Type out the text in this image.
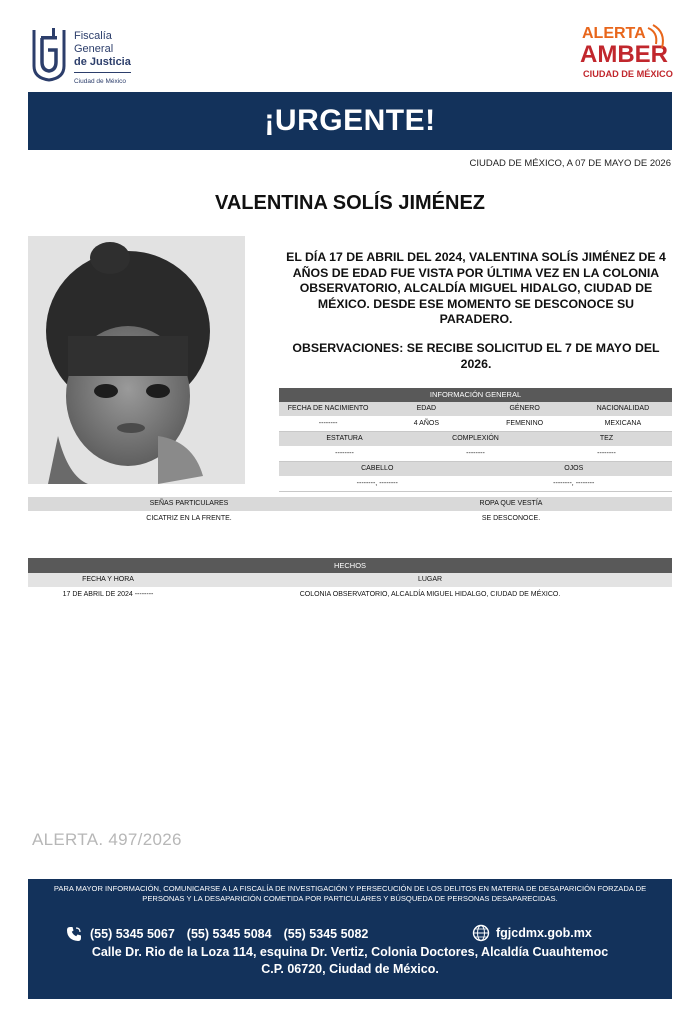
Fiscalía
General
de Justicia
Ciudad de México
ALERTA
AMBER
CIUDAD DE MÉXICO
¡URGENTE!
CIUDAD DE MÉXICO, A 07 DE MAYO DE 2026
VALENTINA SOLÍS JIMÉNEZ
EL DÍA 17 DE ABRIL DEL 2024, VALENTINA SOLÍS JIMÉNEZ DE 4 AÑOS DE EDAD FUE VISTA POR ÚLTIMA VEZ EN LA COLONIA OBSERVATORIO, ALCALDÍA MIGUEL HIDALGO, CIUDAD DE MÉXICO. DESDE ESE MOMENTO SE DESCONOCE SU PARADERO.
OBSERVACIONES: SE RECIBE SOLICITUD EL 7 DE MAYO DEL 2026.
INFORMACIÓN GENERAL
FECHA DE NACIMIENTO	EDAD	GÉNERO	NACIONALIDAD
--------	4 AÑOS	FEMENINO	MEXICANA
ESTATURA	COMPLEXIÓN	TEZ
--------	--------	--------
CABELLO	OJOS
--------, --------	--------, --------
SEÑAS PARTICULARES	ROPA QUE VESTÍA
CICATRIZ EN LA FRENTE.	SE DESCONOCE.
HECHOS
FECHA Y HORA	LUGAR
17 DE ABRIL DE 2024 --------	COLONIA OBSERVATORIO, ALCALDÍA MIGUEL HIDALGO, CIUDAD DE MÉXICO.
ALERTA. 497/2026
PARA MAYOR INFORMACIÓN, COMUNICARSE A LA FISCALÍA DE INVESTIGACIÓN Y PERSECUCIÓN DE LOS DELITOS EN MATERIA DE DESAPARICIÓN FORZADA DE PERSONAS Y LA DESAPARICIÓN COMETIDA POR PARTICULARES Y BÚSQUEDA DE PERSONAS DESAPARECIDAS.
(55) 5345 5067 (55) 5345 5084 (55) 5345 5082	fgjcdmx.gob.mx
Calle Dr. Rio de la Loza 114, esquina Dr. Vertiz, Colonia Doctores, Alcaldía Cuauhtemoc
C.P. 06720, Ciudad de México.
